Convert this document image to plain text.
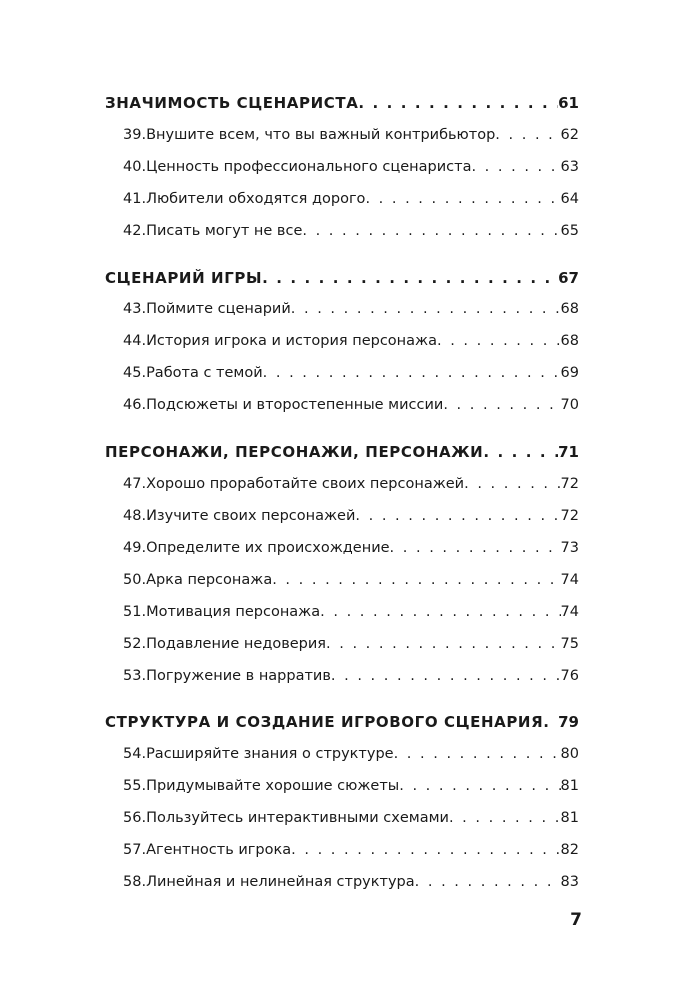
ЗНАЧИМОСТЬ СЦЕНАРИСТА . . .	61
39. Внушите всем, что вы важный контрибьютор . . .	62
40. Ценность профессионального сценариста . . .	63
41. Любители обходятся дорого . . .	64
42. Писать могут не все . . .	65
СЦЕНАРИЙ ИГРЫ . . .	67
43. Поймите сценарий . . .	68
44. История игрока и история персонажа . . .	68
45. Работа с темой . . .	69
46. Подсюжеты и второстепенные миссии . . .	70
ПЕРСОНАЖИ, ПЕРСОНАЖИ, ПЕРСОНАЖИ . . .	71
47. Хорошо проработайте своих персонажей . . .	72
48. Изучите своих персонажей . . .	72
49. Определите их происхождение . . .	73
50. Арка персонажа . . .	74
51. Мотивация персонажа . . .	74
52. Подавление недоверия . . .	75
53. Погружение в нарратив . . .	76
СТРУКТУРА И СОЗДАНИЕ ИГРОВОГО СЦЕНАРИЯ . . . 79
54. Расширяйте знания о структуре . . .	80
55. Придумывайте хорошие сюжеты . . .	81
56. Пользуйтесь интерактивными схемами . . .	81
57. Агентность игрока . . .	82
58. Линейная и нелинейная структура . . .	83
7
